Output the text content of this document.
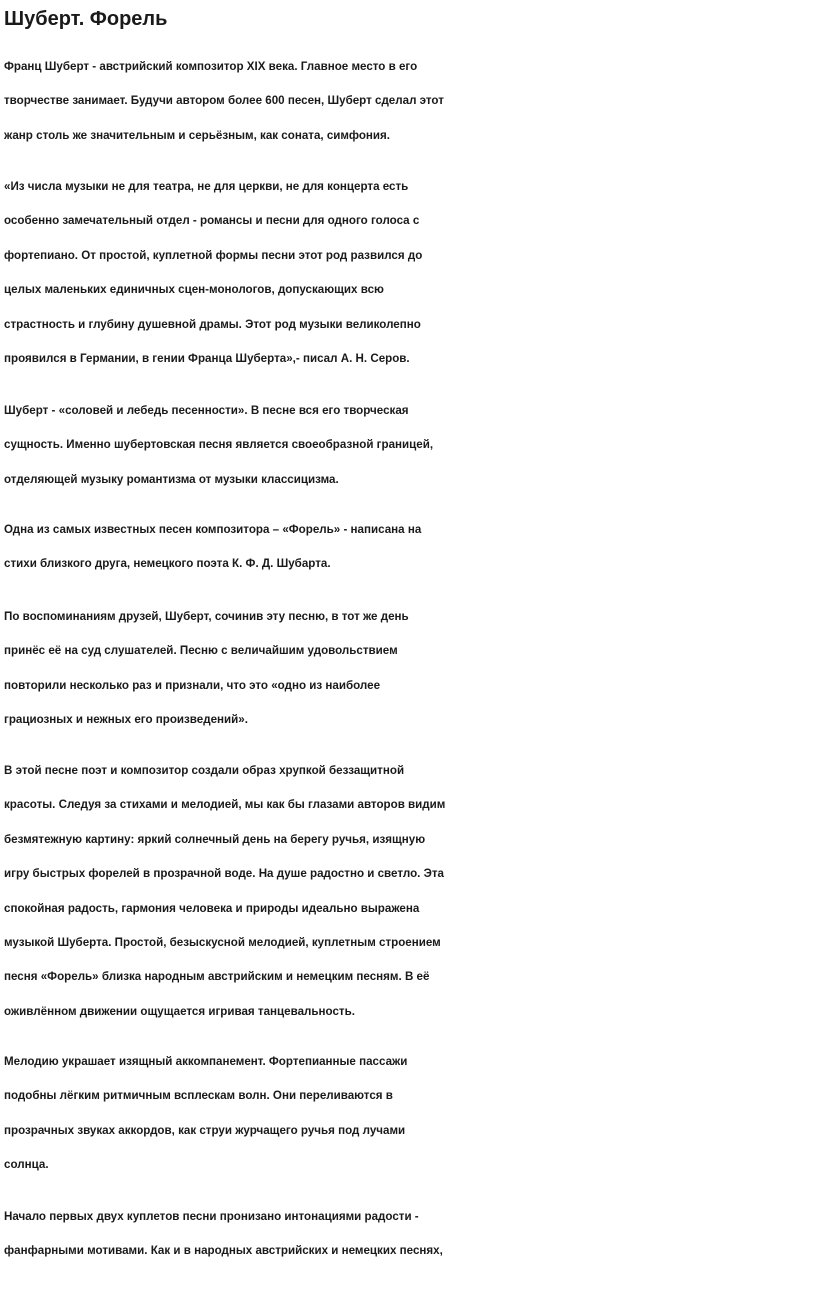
Шуберт. Форель
Франц Шуберт - австрийский композитор XIX века. Главное место в его
творчестве занимает. Будучи автором более 600 песен, Шуберт сделал этот
жанр столь же значительным и серьёзным, как соната, симфония.
«Из числа музыки не для театра, не для церкви, не для концерта есть
особенно замечательный отдел - романсы и песни для одного голоса с
фортепиано. От простой, куплетной формы песни этот род развился до
целых маленьких единичных сцен-монологов, допускающих всю
страстность и глубину душевной драмы. Этот род музыки великолепно
проявился в Германии, в гении Франца Шуберта»,- писал А. Н. Серов.
Шуберт - «соловей и лебедь песенности». В песне вся его творческая
сущность. Именно шубертовская песня является своеобразной границей,
отделяющей музыку романтизма от музыки классицизма.
Одна из самых известных песен композитора – «Форель» - написана на
стихи близкого друга, немецкого поэта К. Ф. Д. Шубарта.
По воспоминаниям друзей, Шуберт, сочинив эту песню, в тот же день
принёс её на суд слушателей. Песню с величайшим удовольствием
повторили несколько раз и признали, что это «одно из наиболее
грациозных и нежных его произведений».
В этой песне поэт и композитор создали образ хрупкой беззащитной
красоты. Следуя за стихами и мелодией, мы как бы глазами авторов видим
безмятежную картину: яркий солнечный день на берегу ручья, изящную
игру быстрых форелей в прозрачной воде. На душе радостно и светло. Эта
спокойная радость, гармония человека и природы идеально выражена
музыкой Шуберта. Простой, безыскусной мелодией, куплетным строением
песня «Форель» близка народным австрийским и немецким песням. В её
оживлённом движении ощущается игривая танцевальность.
Мелодию украшает изящный аккомпанемент. Фортепианные пассажи
подобны лёгким ритмичным всплескам волн. Они переливаются в
прозрачных звуках аккордов, как струи журчащего ручья под лучами
солнца.
Начало первых двух куплетов песни пронизано интонациями радости -
фанфарными мотивами. Как и в народных австрийских и немецких песнях,
